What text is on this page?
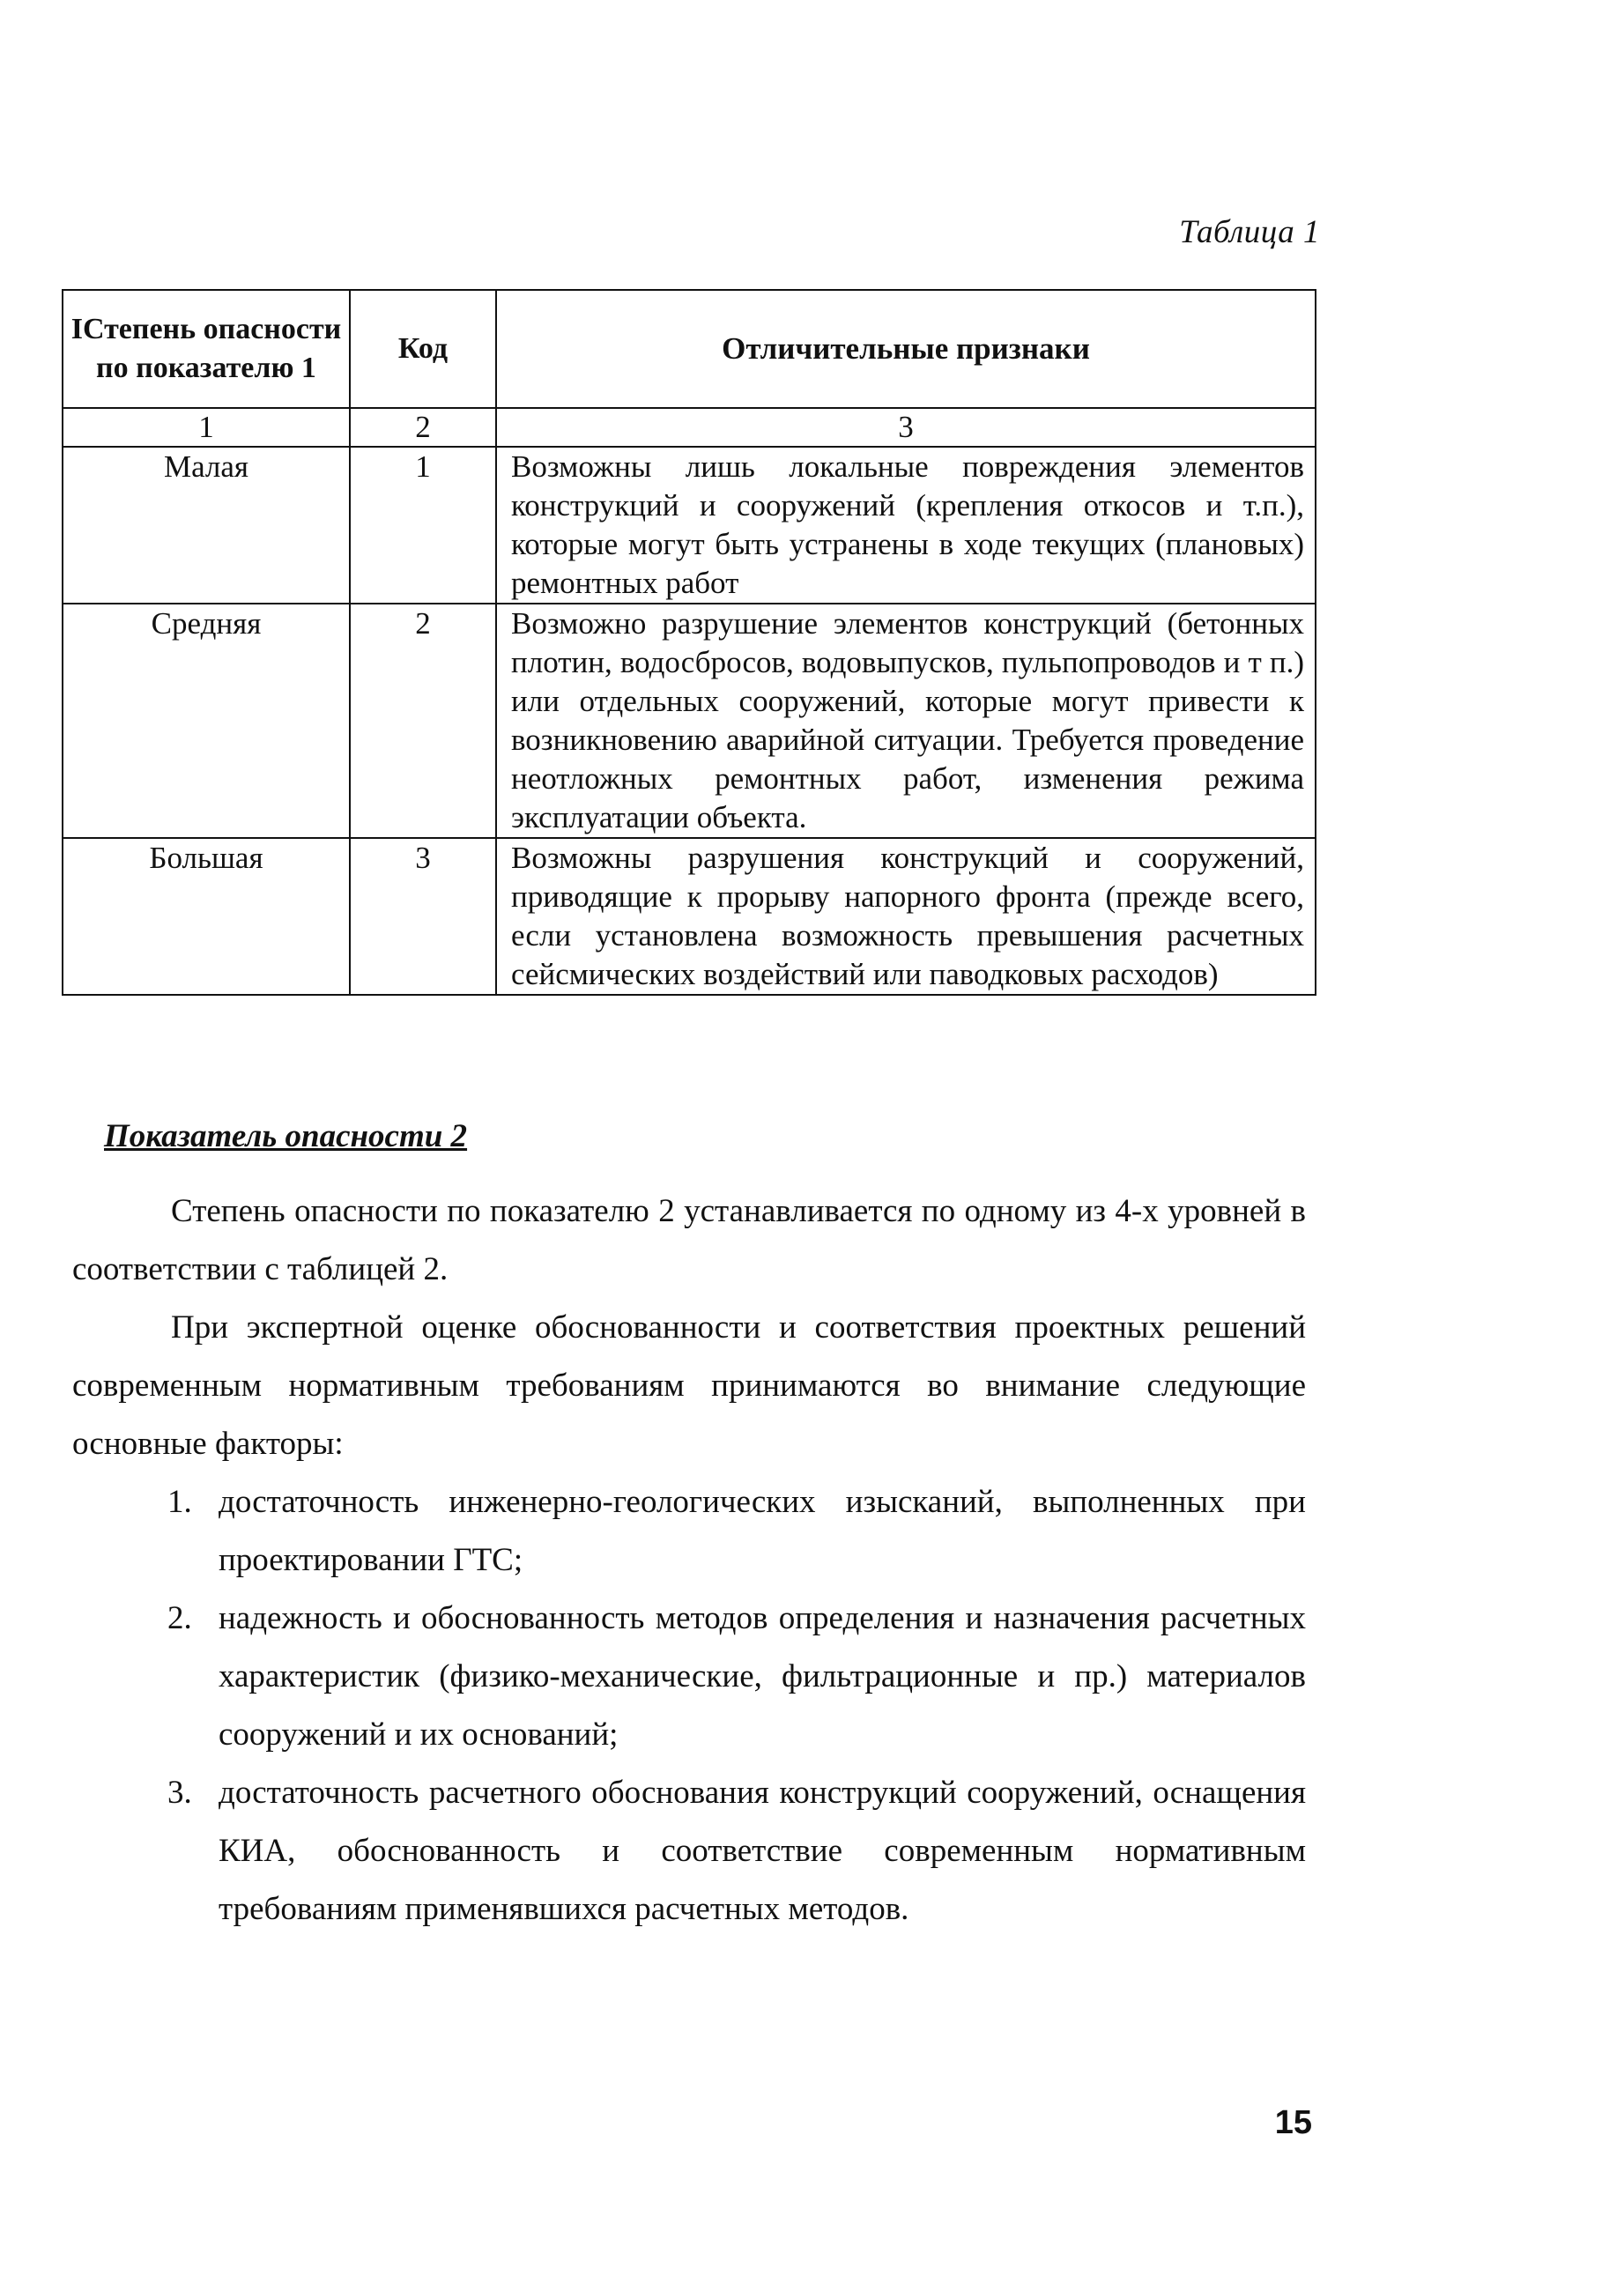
Таблица 1
IСтепень опасности по показателю 1	Код	Отличительные признаки
1	2	3
Малая	1	Возможны лишь локальные повреждения элементов конструкций и сооружений (крепления откосов и т.п.), которые могут быть устранены в ходе текущих (плановых) ремонтных работ
Средняя	2	Возможно разрушение элементов конструкций (бетонных плотин, водосбросов, водовыпусков, пульпопроводов и т п.) или отдельных сооружений, которые могут привести к возникновению аварийной ситуации. Требуется проведение неотложных ремонтных работ, изменения режима эксплуатации объекта.
Большая	3	Возможны разрушения конструкций и сооружений, приводящие к прорыву напорного фронта (прежде всего, если установлена возможность превышения расчетных сейсмических воздействий или паводковых расходов)
Показатель опасности 2

Степень опасности по показателю 2 устанавливается по одному из 4-х уровней в соответствии с таблицей 2.

При экспертной оценке обоснованности и соответствия проектных решений современным нормативным требованиям принимаются во внимание следующие основные факторы:

1. достаточность инженерно-геологических изысканий, выполненных при проектировании ГТС;
2. надежность и обоснованность методов определения и назначения расчетных характеристик (физико-механические, фильтрационные и пр.) материалов сооружений и их оснований;
3. достаточность расчетного обоснования конструкций сооружений, оснащения КИА, обоснованность и соответствие современным нормативным требованиям применявшихся расчетных методов.
15
